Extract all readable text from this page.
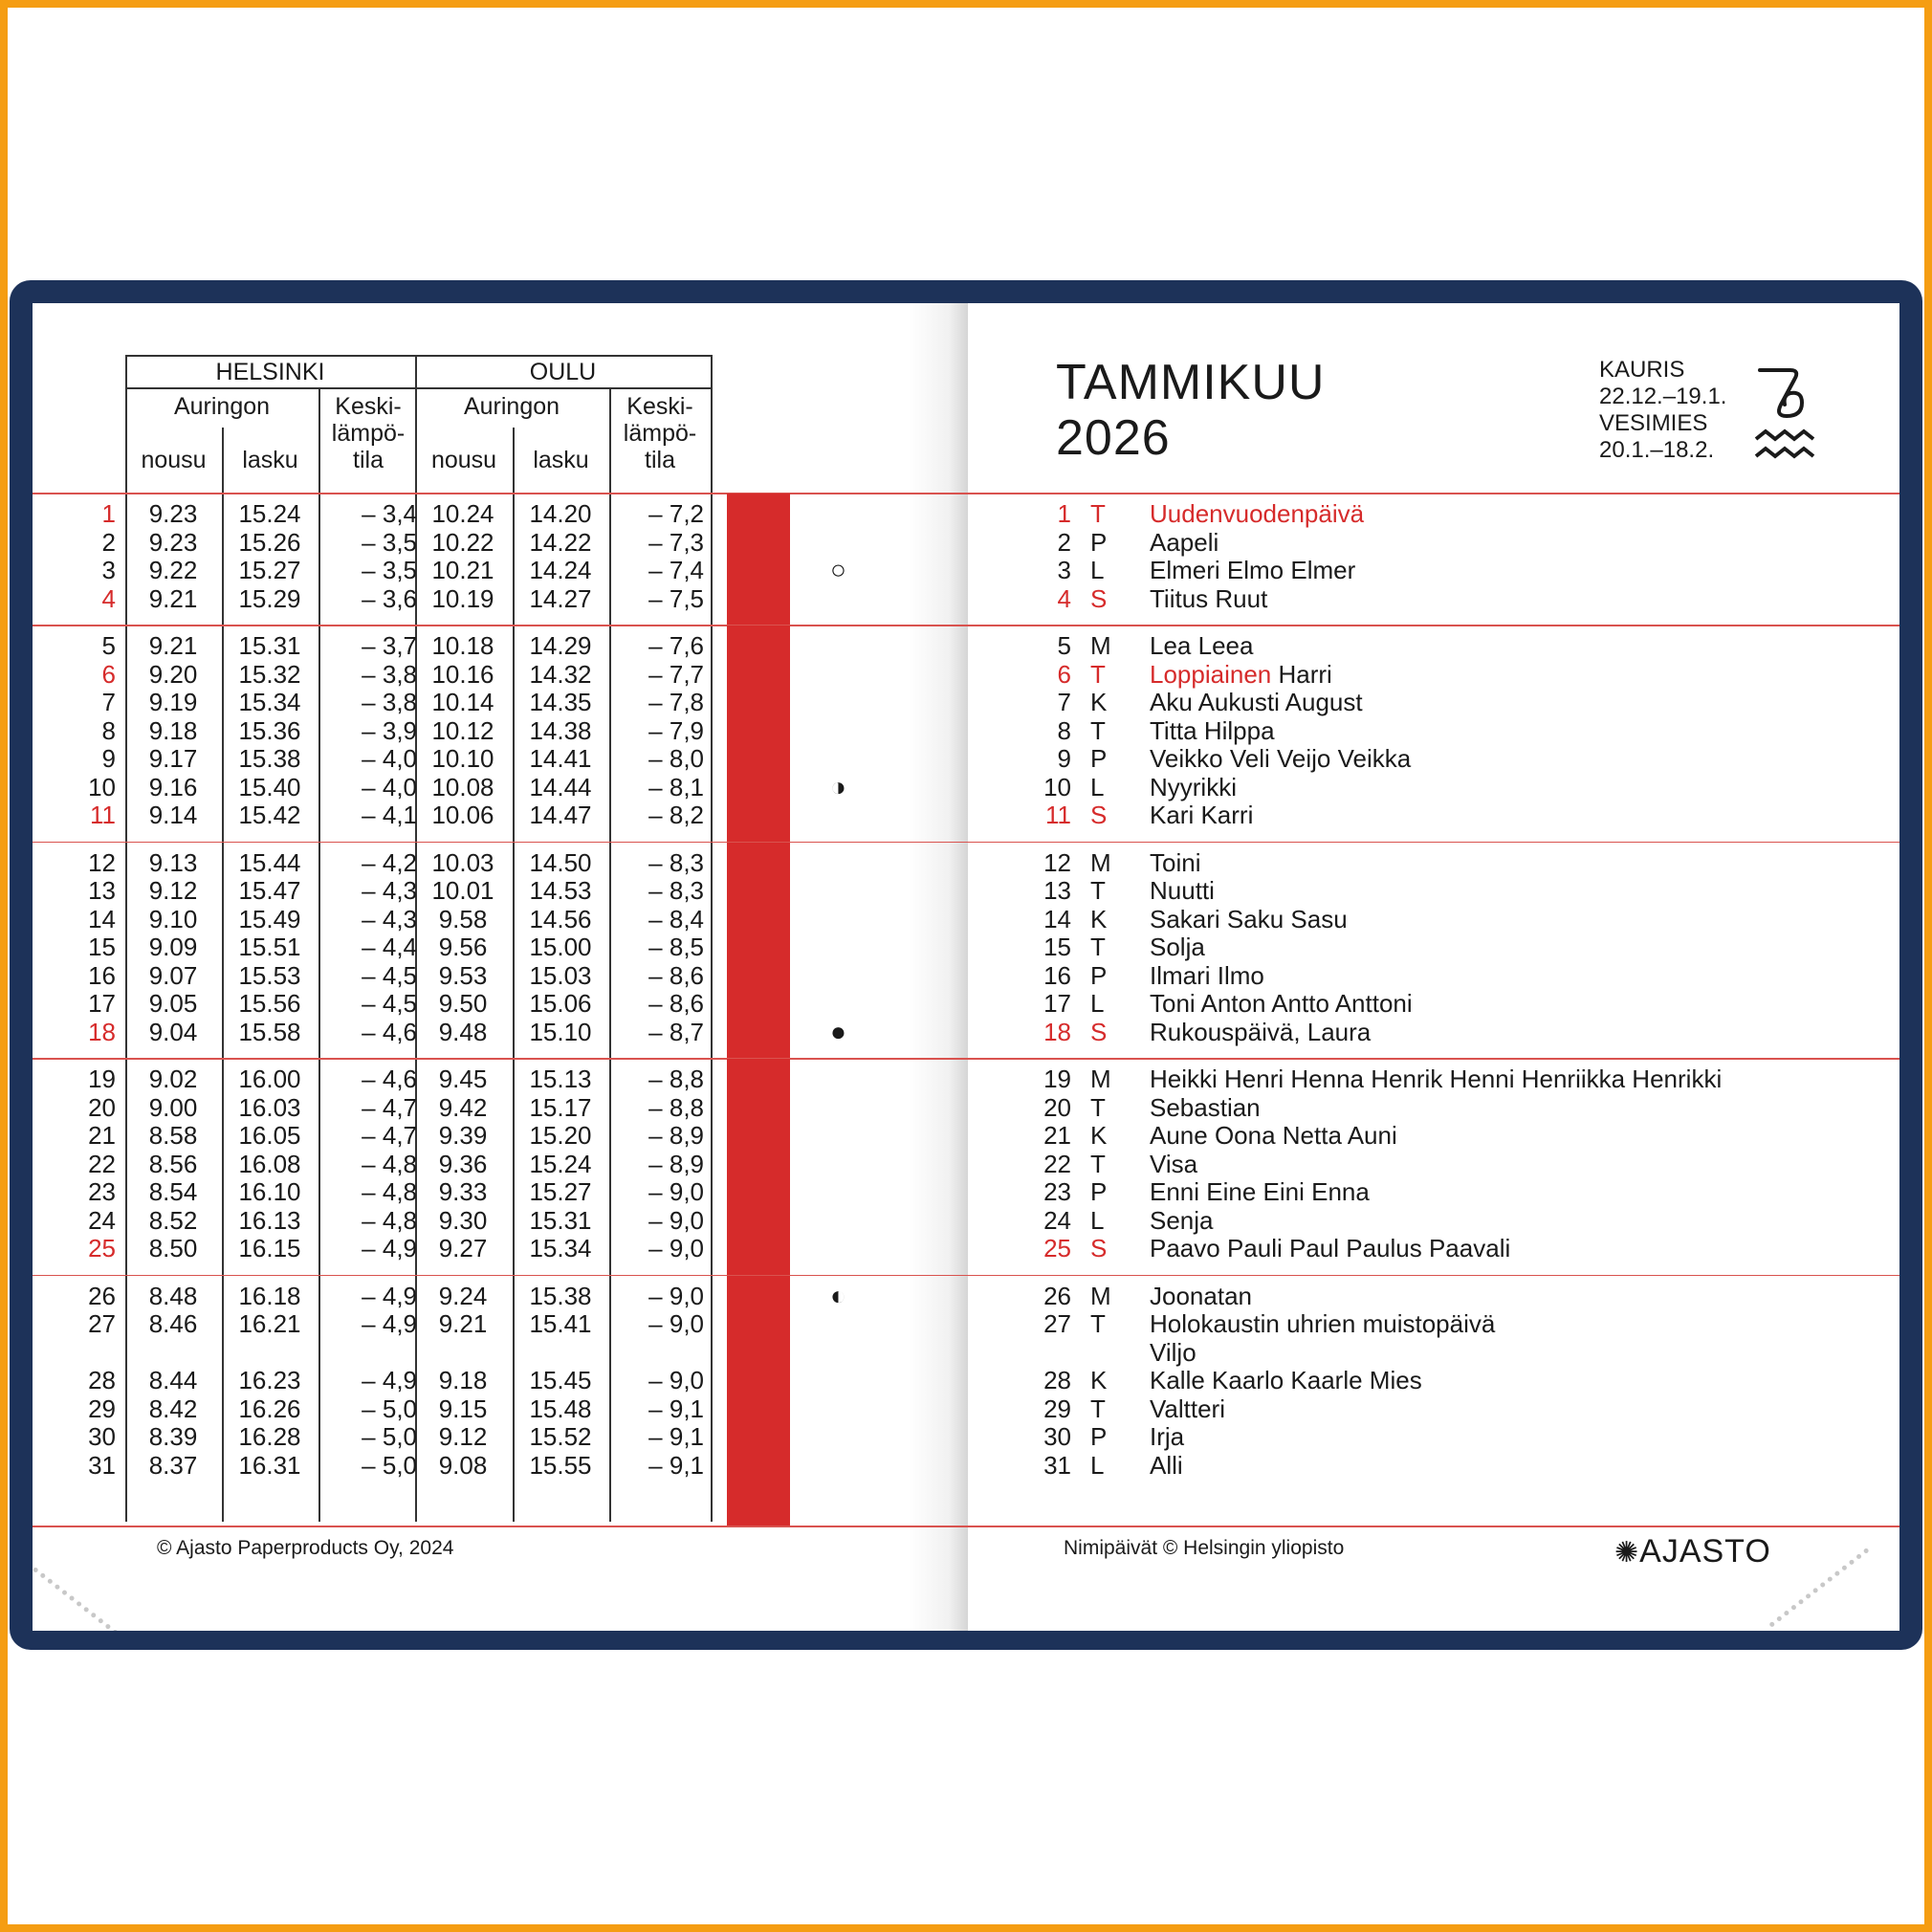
HELSINKI	OULU
Auringon	Auringon
Keski-
lämpö-
tila
Keski-
lämpö-
tila
nousu	lasku	nousu	lasku
○
1	9.23	15.24	– 3,4 10.24	14.20	– 7,2
2	9.23	15.26	– 3,5 10.22	14.22	– 7,3
3	9.22	15.27	– 3,5 10.21	14.24	– 7,4
4	9.21	15.29	– 3,6 10.19	14.27	– 7,5
◑
5	9.21	15.31	– 3,7 10.18	14.29	– 7,6
6	9.20	15.32	– 3,8 10.16	14.32	– 7,7
7	9.19	15.34	– 3,8 10.14	14.35	– 7,8
8	9.18	15.36	– 3,9 10.12	14.38	– 7,9
9	9.17	15.38	– 4,0 10.10	14.41	– 8,0
10	9.16	15.40	– 4,0 10.08	14.44	– 8,1
11	9.14	15.42	– 4,1 10.06	14.47	– 8,2
●
12	9.13	15.44	– 4,2 10.03	14.50	– 8,3
13	9.12	15.47	– 4,3 10.01	14.53	– 8,3
14	9.10	15.49	– 4,3 9.58	14.56	– 8,4
15	9.09	15.51	– 4,4 9.56	15.00	– 8,5
16	9.07	15.53	– 4,5 9.53	15.03	– 8,6
17	9.05	15.56	– 4,5 9.50	15.06	– 8,6
18	9.04	15.58	– 4,6 9.48	15.10	– 8,7
19	9.02	16.00	– 4,6 9.45	15.13	– 8,8
20	9.00	16.03	– 4,7 9.42	15.17	– 8,8
21	8.58	16.05	– 4,7 9.39	15.20	– 8,9
22	8.56	16.08	– 4,8 9.36	15.24	– 8,9
23	8.54	16.10	– 4,8 9.33	15.27	– 9,0
24	8.52	16.13	– 4,8 9.30	15.31	– 9,0
25	8.50	16.15	– 4,9 9.27	15.34	– 9,0
◐
26	8.48	16.18	– 4,9 9.24	15.38	– 9,0
27	8.46	16.21	– 4,9 9.21	15.41	– 9,0
28	8.44	16.23	– 4,9 9.18	15.45	– 9,0
29	8.42	16.26	– 5,0 9.15	15.48	– 9,1
30	8.39	16.28	– 5,0 9.12	15.52	– 9,1
31	8.37	16.31	– 5,0 9.08	15.55	– 9,1
© Ajasto Paperproducts Oy, 2024
TAMMIKUU
2026
KAURIS
22.12.–19.1.
VESIMIES
20.1.–18.2.
1 T Uudenvuodenpäivä
2 P Aapeli
3 L Elmeri Elmo Elmer
4 S Tiitus Ruut
5 M Lea Leea
6 T Loppiainen Harri
7 K Aku Aukusti August
8 T Titta Hilppa
9 P Veikko Veli Veijo Veikka
10 L Nyyrikki
11 S Kari Karri
12 M Toini
13 T Nuutti
14 K Sakari Saku Sasu
15 T Solja
16 P Ilmari Ilmo
17 L Toni Anton Antto Anttoni
18 S Rukouspäivä, Laura
19 M Heikki Henri Henna Henrik Henni Henriikka Henrikki
20 T Sebastian
21 K Aune Oona Netta Auni
22 T Visa
23 P Enni Eine Eini Enna
24 L Senja
25 S Paavo Pauli Paul Paulus Paavali
26 M Joonatan
27 T Holokaustin uhrien muistopäivä
Viljo
28 K Kalle Kaarlo Kaarle Mies
29 T Valtteri
30 P Irja
31 L Alli
Nimipäivät © Helsingin yliopisto	✺AJASTO
